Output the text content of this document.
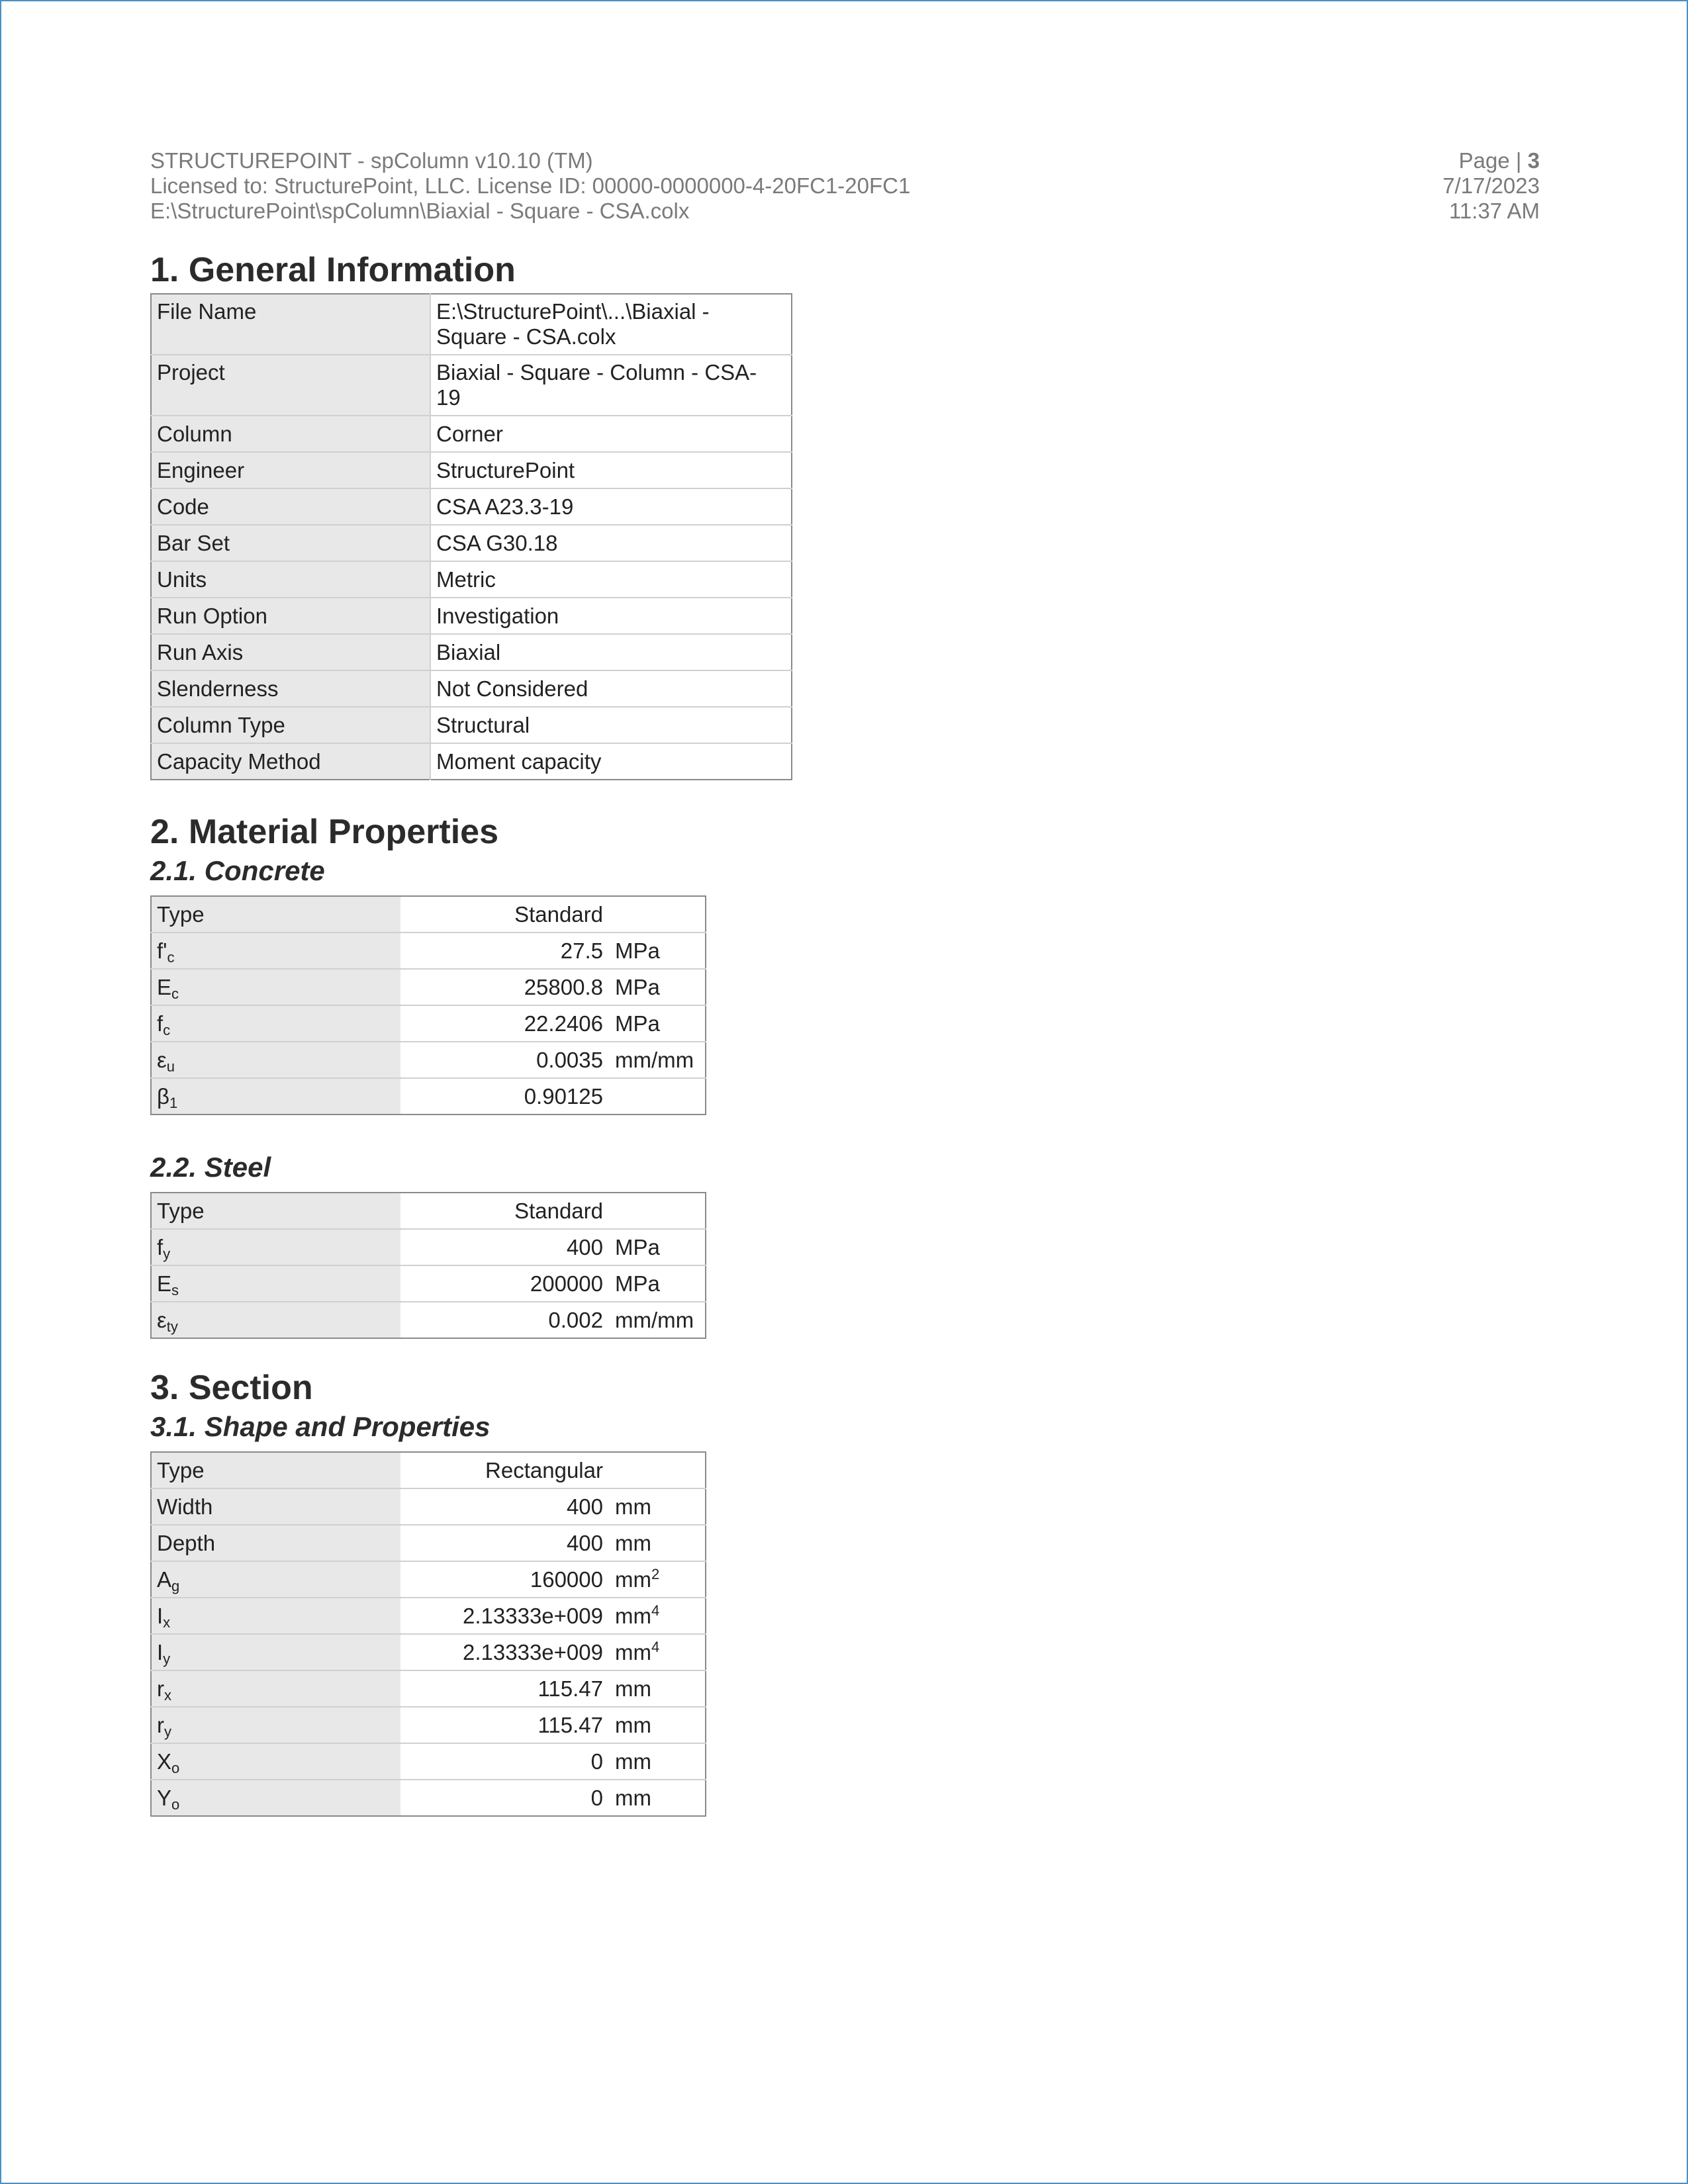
STRUCTUREPOINT - spColumn v10.10 (TM)
Licensed to: StructurePoint, LLC. License ID: 00000-0000000-4-20FC1-20FC1
E:\StructurePoint\spColumn\Biaxial - Square - CSA.colx
Page | 3
7/17/2023
11:37 AM
1. General Information
File Name	E:\StructurePoint\...\Biaxial -
Square - CSA.colx

Project	Biaxial - Square - Column - CSA-
19

Column	Corner
Engineer	StructurePoint
Code	CSA A23.3-19
Bar Set	CSA G30.18
Units	Metric
Run Option	Investigation
Run Axis	Biaxial
Slenderness	Not Considered
Column Type	Structural
Capacity Method	Moment capacity
2. Material Properties
2.1. Concrete
Type	Standard	
$f'_c$	27.5	MPa
$E_c$	25800.8	MPa
$f_c$	22.2406	MPa
$\varepsilon_u$	0.0035	mm/mm
$\beta_1$	0.90125	
2.2. Steel
Type	Standard	
$f_y$	400	MPa
$E_s$	200000	MPa
$\varepsilon_{ty}$	0.002	mm/mm
3. Section
3.1. Shape and Properties
Type	Rectangular	
Width	400	mm
Depth	400	mm
$A_g$	160000	$mm^2$
$I_x$	2.13333e+009	$mm^4$
$I_y$	2.13333e+009	$mm^4$
$r_x$	115.47	mm
$r_y$	115.47	mm
$X_o$	0	mm
$Y_o$	0	mm
